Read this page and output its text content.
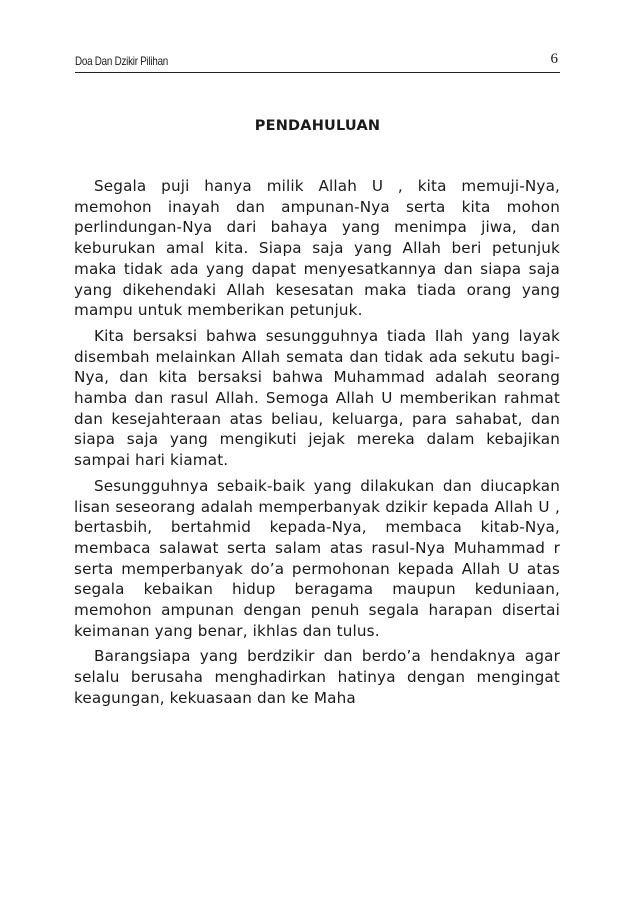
Doa Dan Dzikir Pilihan	6
PENDAHULUAN

Segala puji hanya milik Allah U , kita memuji-Nya, memohon inayah dan ampunan-Nya serta kita mohon perlindungan-Nya dari bahaya yang menimpa jiwa, dan keburukan amal kita. Siapa saja yang Allah beri petunjuk maka tidak ada yang dapat menyesatkannya dan siapa saja yang dikehendaki Allah kesesatan maka tiada orang yang mampu untuk memberikan petunjuk.

Kita bersaksi bahwa sesungguhnya tiada Ilah yang layak disembah melainkan Allah semata dan tidak ada sekutu bagi-Nya, dan kita bersaksi bahwa Muhammad adalah seorang hamba dan rasul Allah. Semoga Allah U memberikan rahmat dan kesejahteraan atas beliau, keluarga, para sahabat, dan siapa saja yang mengikuti jejak mereka dalam kebajikan sampai hari kiamat.

Sesungguhnya sebaik-baik yang dilakukan dan diucapkan lisan seseorang adalah memperbanyak dzikir kepada Allah U , bertasbih, bertahmid kepada-Nya, membaca kitab-Nya, membaca salawat serta salam atas rasul-Nya Muhammad r serta memperbanyak do’a permohonan kepada Allah U atas segala kebaikan hidup beragama maupun keduniaan, memohon ampunan dengan penuh segala harapan disertai keimanan yang benar, ikhlas dan tulus.

Barangsiapa yang berdzikir dan berdo’a hendaknya agar selalu berusaha menghadirkan hatinya dengan mengingat keagungan, kekuasaan dan ke Maha
